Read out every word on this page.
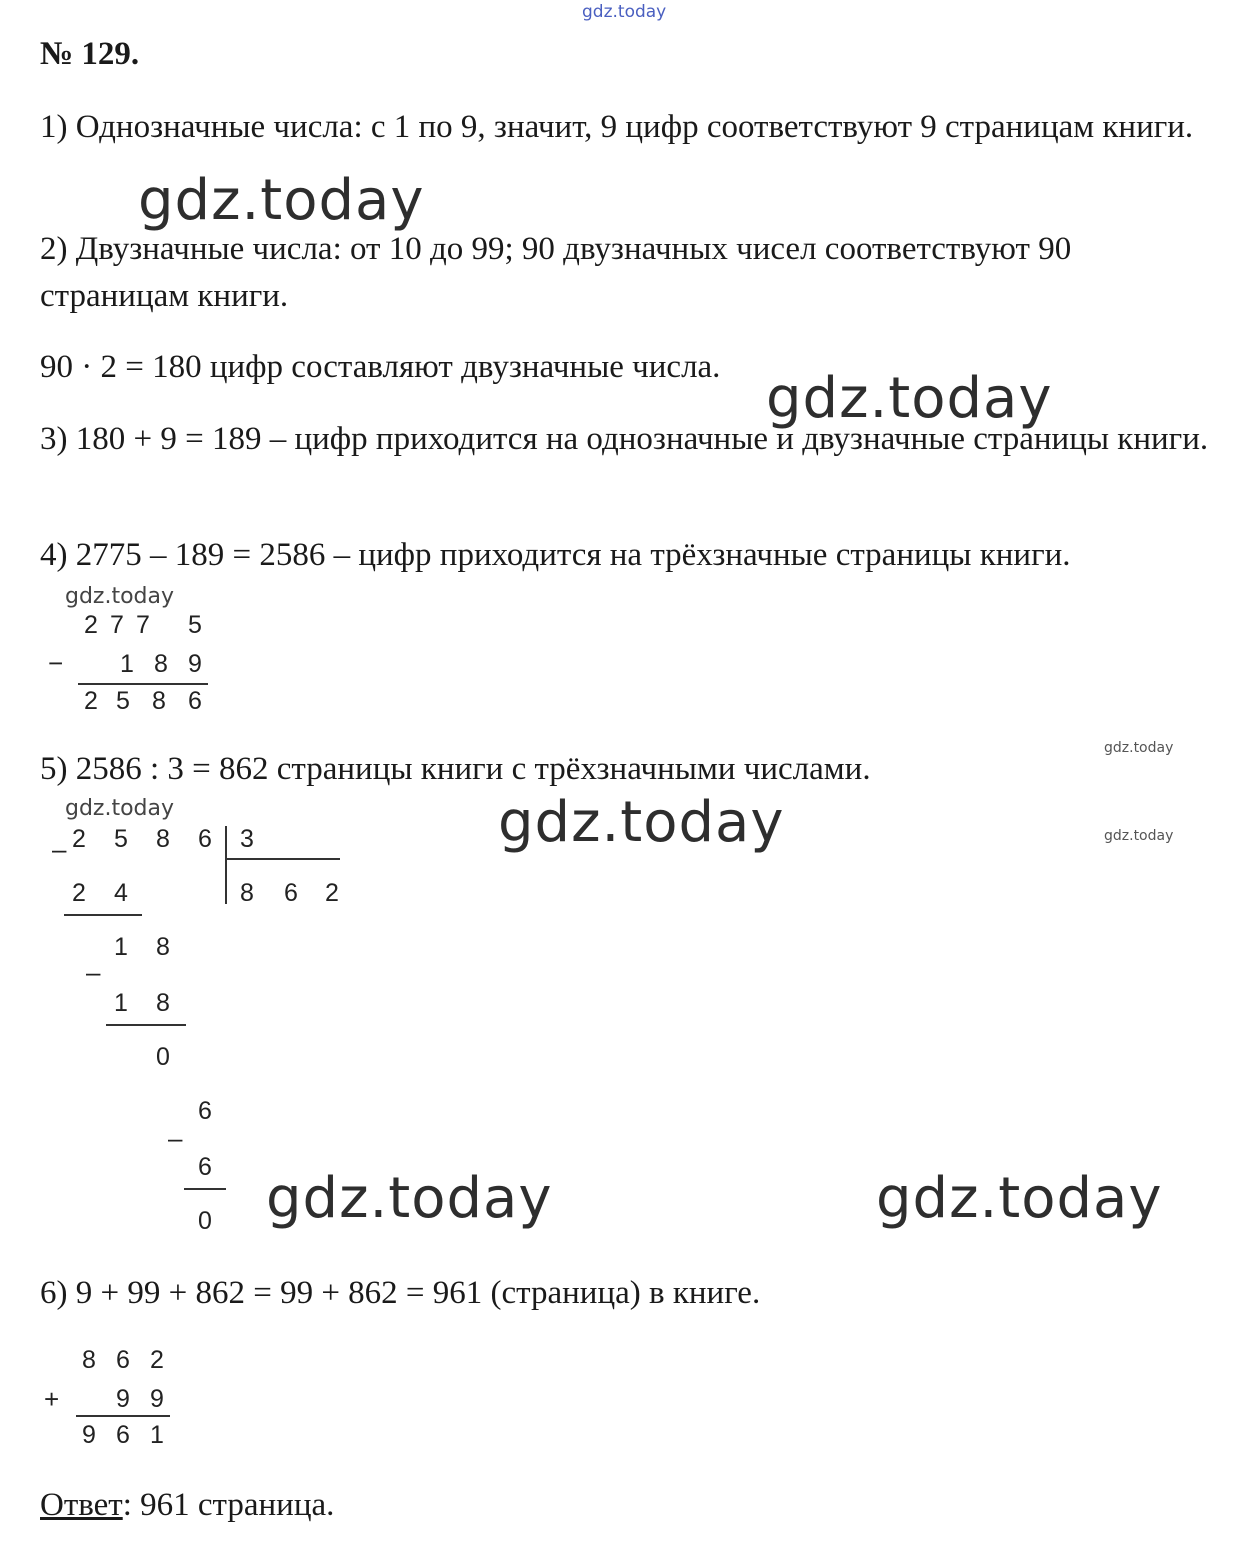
gdz.today
gdz.today
gdz.today
gdz.today
gdz.today	gdz.today
gdz.today
gdz.today
gdz.today
gdz.today
№ 129.
1) Однозначные числа: с 1 по 9, значит, 9 цифр соответствуют 9 страницам книги.
2) Двузначные числа: от 10 до 99; 90 двузначных чисел соответствуют 90 страницам книги.
90 · 2 = 180 цифр составляют двузначные числа.
3) 180 + 9 = 189 – цифр приходится на однозначные и двузначные страницы книги.
4) 2775 – 189 = 2586 – цифр приходится на трёхзначные страницы книги.
5) 2586 : 3 = 862 страницы книги с трёхзначными числами.
6) 9 + 99 + 862 = 99 + 862 = 961 (страница) в книге.
2 7 7 5
− 1 8 9
2 5 8 6
– 2 5 8 6 3
8 6 2
2 4
1 8
–
1 8
0
6
–
6
0
8 6 2
+ 9 9
9 6 1
Ответ: 961 страница.
